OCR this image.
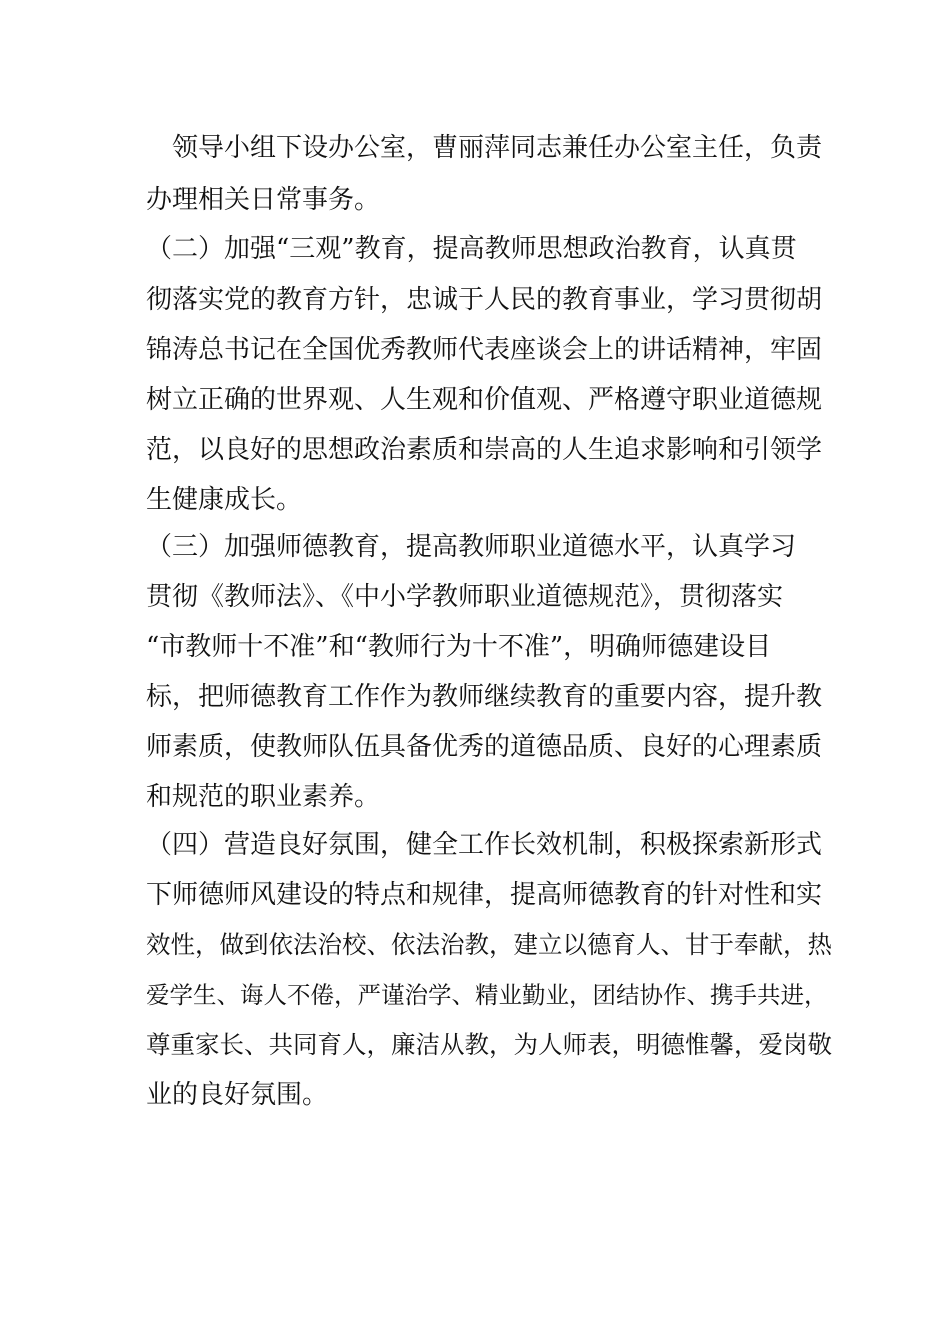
　领导小组下设办公室，曹丽萍同志兼任办公室主任，负责

办理相关日常事务。

（二）加强“三观”教育，提高教师思想政治教育，认真贯

彻落实党的教育方针，忠诚于人民的教育事业，学习贯彻胡

锦涛总书记在全国优秀教师代表座谈会上的讲话精神，牢固

树立正确的世界观、人生观和价值观、严格遵守职业道德规

范，以良好的思想政治素质和崇高的人生追求影响和引领学

生健康成长。

（三）加强师德教育，提高教师职业道德水平，认真学习

贯彻《教师法》、《中小学教师职业道德规范》，贯彻落实

“市教师十不准”和“教师行为十不准”，明确师德建设目

标，把师德教育工作作为教师继续教育的重要内容，提升教

师素质，使教师队伍具备优秀的道德品质、良好的心理素质

和规范的职业素养。

（四）营造良好氛围，健全工作长效机制，积极探索新形式

下师德师风建设的特点和规律，提高师德教育的针对性和实

效性，做到依法治校、依法治教，建立以德育人、甘于奉献，热

爱学生、诲人不倦，严谨治学、精业勤业，团结协作、携手共进，

尊重家长、共同育人，廉洁从教，为人师表，明德惟馨，爱岗敬

业的良好氛围。
